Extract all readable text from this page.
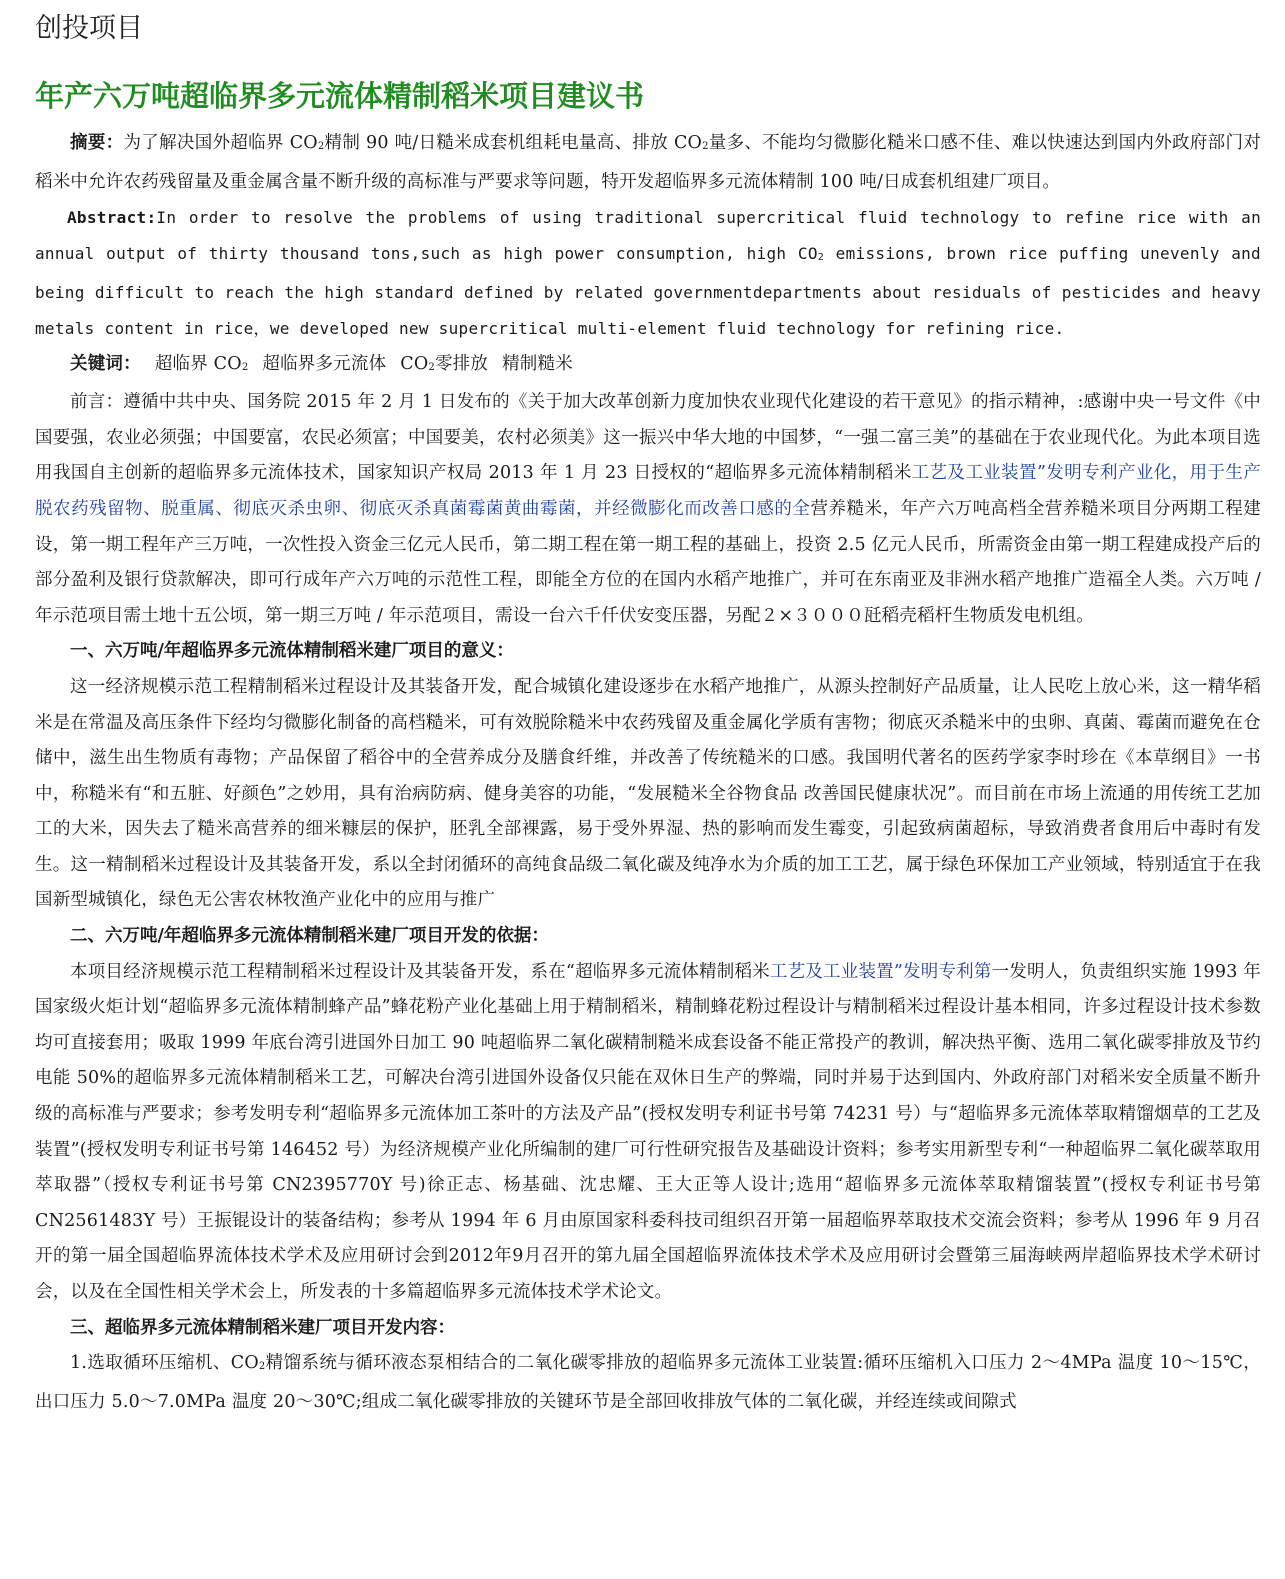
创投项目
年产六万吨超临界多元流体精制稻米项目建议书

摘要：为了解决国外超临界 $CO_2$精制 90 吨/日糙米成套机组耗电量高、排放 $CO_2$量多、不能均匀微膨化糙米口感不佳、难以快速达到国内外政府部门对稻米中允许农药残留量及重金属含量不断升级的高标准与严要求等问题，特开发超临界多元流体精制 100 吨/日成套机组建厂项目。

Abstract:In order to resolve the problems of using traditional supercritical fluid technology to refine rice with an annual output of thirty thousand tons,such as high power consumption, high $CO_2$ emissions, brown rice puffing unevenly and being difficult to reach the high standard defined by related governmentdepartments about residuals of pesticides and heavy metals content in rice，we developed new supercritical multi-element fluid technology for refining rice.

关键词： 超临界 $CO_2$ 超临界多元流体 $CO_2$零排放 精制糙米

前言：遵循中共中央、国务院 2015 年 2 月 1 日发布的《关于加大改革创新力度加快农业现代化建设的若干意见》的指示精神，:感谢中央一号文件《中国要强，农业必须强；中国要富，农民必须富；中国要美，农村必须美》这一振兴中华大地的中国梦，“一强二富三美”的基础在于农业现代化。为此本项目选用我国自主创新的超临界多元流体技术，国家知识产权局 2013 年 1 月 23 日授权的“超临界多元流体精制稻米工艺及工业装置”发明专利产业化，用于生产脱农药残留物、脱重属、彻底灭杀虫卵、彻底灭杀真菌霉菌黄曲霉菌，并经微膨化而改善口感的全营养糙米，年产六万吨高档全营养糙米项目分两期工程建设，第一期工程年产三万吨，一次性投入资金三亿元人民币，第二期工程在第一期工程的基础上，投资 2.5 亿元人民币，所需资金由第一期工程建成投产后的部分盈利及银行贷款解决，即可行成年产六万吨的示范性工程，即能全方位的在国内水稻产地推广，并可在东南亚及非洲水稻产地推广造福全人类。六万吨 / 年示范项目需土地十五公顷，第一期三万吨 / 年示范项目，需设一台六千仟伏安变压器，另配２×３０００瓩稻壳稻杆生物质发电机组。

一、六万吨/年超临界多元流体精制稻米建厂项目的意义：

这一经济规模示范工程精制稻米过程设计及其装备开发，配合城镇化建设逐步在水稻产地推广，从源头控制好产品质量，让人民吃上放心米，这一精华稻米是在常温及高压条件下经均匀微膨化制备的高档糙米，可有效脱除糙米中农药残留及重金属化学质有害物；彻底灭杀糙米中的虫卵、真菌、霉菌而避免在仓储中，滋生出生物质有毒物；产品保留了稻谷中的全营养成分及膳食纤维，并改善了传统糙米的口感。我国明代著名的医药学家李时珍在《本草纲目》一书中，称糙米有“和五脏、好颜色”之妙用，具有治病防病、健身美容的功能，“发展糙米全谷物食品 改善国民健康状况”。而目前在市场上流通的用传统工艺加工的大米，因失去了糙米高营养的细米糠层的保护，胚乳全部裸露，易于受外界湿、热的影响而发生霉变，引起致病菌超标，导致消费者食用后中毒时有发生。这一精制稻米过程设计及其装备开发，系以全封闭循环的高纯食品级二氧化碳及纯净水为介质的加工工艺，属于绿色环保加工产业领域，特别适宜于在我国新型城镇化，绿色无公害农林牧渔产业化中的应用与推广

二、六万吨/年超临界多元流体精制稻米建厂项目开发的依据：

本项目经济规模示范工程精制稻米过程设计及其装备开发，系在“超临界多元流体精制稻米工艺及工业装置”发明专利第一发明人，负责组织实施 1993 年国家级火炬计划“超临界多元流体精制蜂产品”蜂花粉产业化基础上用于精制稻米，精制蜂花粉过程设计与精制稻米过程设计基本相同，许多过程设计技术参数均可直接套用；吸取 1999 年底台湾引进国外日加工 90 吨超临界二氧化碳精制糙米成套设备不能正常投产的教训，解决热平衡、选用二氧化碳零排放及节约电能 50%的超临界多元流体精制稻米工艺，可解决台湾引进国外设备仅只能在双休日生产的弊端，同时并易于达到国内、外政府部门对稻米安全质量不断升级的高标准与严要求；参考发明专利“超临界多元流体加工茶叶的方法及产品”(授权发明专利证书号第 74231 号）与“超临界多元流体萃取精馏烟草的工艺及装置”(授权发明专利证书号第 146452 号）为经济规模产业化所编制的建厂可行性研究报告及基础设计资料；参考实用新型专利“一种超临界二氧化碳萃取用萃取器”（授权专利证书号第 CN2395770Y 号)徐正志、杨基础、沈忠耀、王大正等人设计;选用“超临界多元流体萃取精馏装置”(授权专利证书号第 CN2561483Y 号）王振锟设计的装备结构；参考从 1994 年 6 月由原国家科委科技司组织召开第一届超临界萃取技术交流会资料；参考从 1996 年 9 月召开的第一届全国超临界流体技术学术及应用研讨会到2012年9月召开的第九届全国超临界流体技术学术及应用研讨会暨第三届海峡两岸超临界技术学术研讨会，以及在全国性相关学术会上，所发表的十多篇超临界多元流体技术学术论文。

三、超临界多元流体精制稻米建厂项目开发内容：

1.选取循环压缩机、$CO_2$精馏系统与循环液态泵相结合的二氧化碳零排放的超临界多元流体工业装置:循环压缩机入口压力 2～4MPa 温度 10～15℃，出口压力 5.0～7.0MPa 温度 20～30℃;组成二氧化碳零排放的关键环节是全部回收排放气体的二氧化碳，并经连续或间隙式
